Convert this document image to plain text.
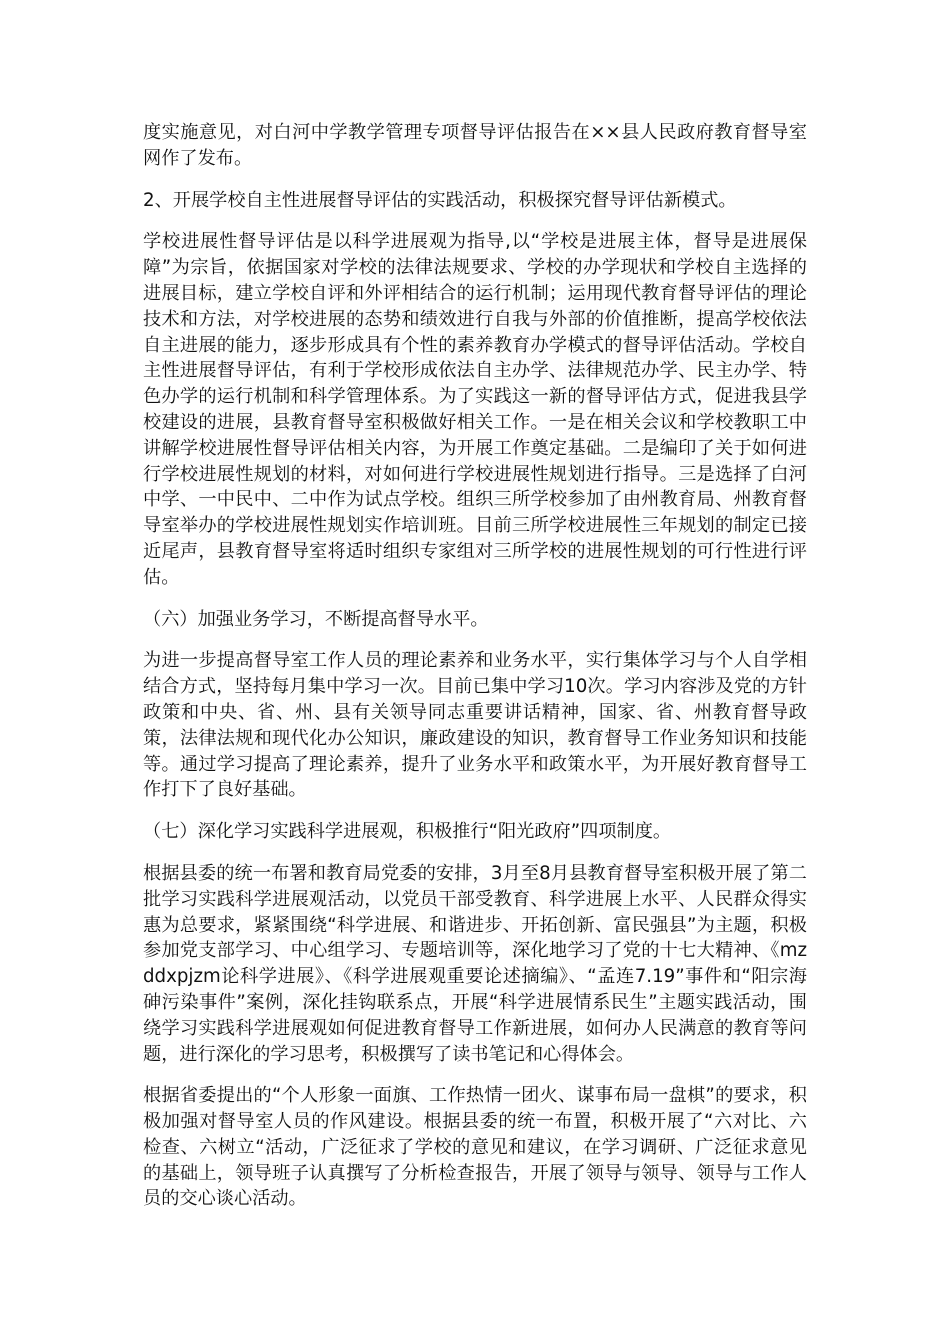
度实施意见，对白河中学教学管理专项督导评估报告在××县人民政府教育督导室网作了发布。

2、开展学校自主性进展督导评估的实践活动，积极探究督导评估新模式。

学校进展性督导评估是以科学进展观为指导,以“学校是进展主体，督导是进展保障”为宗旨，依据国家对学校的法律法规要求、学校的办学现状和学校自主选择的进展目标，建立学校自评和外评相结合的运行机制；运用现代教育督导评估的理论技术和方法，对学校进展的态势和绩效进行自我与外部的价值推断，提高学校依法自主进展的能力，逐步形成具有个性的素养教育办学模式的督导评估活动。学校自主性进展督导评估，有利于学校形成依法自主办学、法律规范办学、民主办学、特色办学的运行机制和科学管理体系。为了实践这一新的督导评估方式，促进我县学校建设的进展，县教育督导室积极做好相关工作。一是在相关会议和学校教职工中讲解学校进展性督导评估相关内容，为开展工作奠定基础。二是编印了关于如何进行学校进展性规划的材料，对如何进行学校进展性规划进行指导。三是选择了白河中学、一中民中、二中作为试点学校。组织三所学校参加了由州教育局、州教育督导室举办的学校进展性规划实作培训班。目前三所学校进展性三年规划的制定已接近尾声，县教育督导室将适时组织专家组对三所学校的进展性规划的可行性进行评估。

（六）加强业务学习，不断提高督导水平。

为进一步提高督导室工作人员的理论素养和业务水平，实行集体学习与个人自学相结合方式，坚持每月集中学习一次。目前已集中学习10次。学习内容涉及党的方针政策和中央、省、州、县有关领导同志重要讲话精神，国家、省、州教育督导政策，法律法规和现代化办公知识，廉政建设的知识，教育督导工作业务知识和技能等。通过学习提高了理论素养，提升了业务水平和政策水平，为开展好教育督导工作打下了良好基础。

（七）深化学习实践科学进展观，积极推行“阳光政府”四项制度。

根据县委的统一布署和教育局党委的安排，3月至8月县教育督导室积极开展了第二批学习实践科学进展观活动，以党员干部受教育、科学进展上水平、人民群众得实惠为总要求，紧紧围绕“科学进展、和谐进步、开拓创新、富民强县”为主题，积极参加党支部学习、中心组学习、专题培训等，深化地学习了党的十七大精神、《mzddxpjzm论科学进展》、《科学进展观重要论述摘编》、“孟连7.19”事件和“阳宗海砷污染事件”案例，深化挂钩联系点，开展“科学进展情系民生”主题实践活动，围绕学习实践科学进展观如何促进教育督导工作新进展，如何办人民满意的教育等问题，进行深化的学习思考，积极撰写了读书笔记和心得体会。

根据省委提出的“个人形象一面旗、工作热情一团火、谋事布局一盘棋”的要求，积极加强对督导室人员的作风建设。根据县委的统一布置，积极开展了“六对比、六检查、六树立“活动，广泛征求了学校的意见和建议，在学习调研、广泛征求意见的基础上，领导班子认真撰写了分析检查报告，开展了领导与领导、领导与工作人员的交心谈心活动。
